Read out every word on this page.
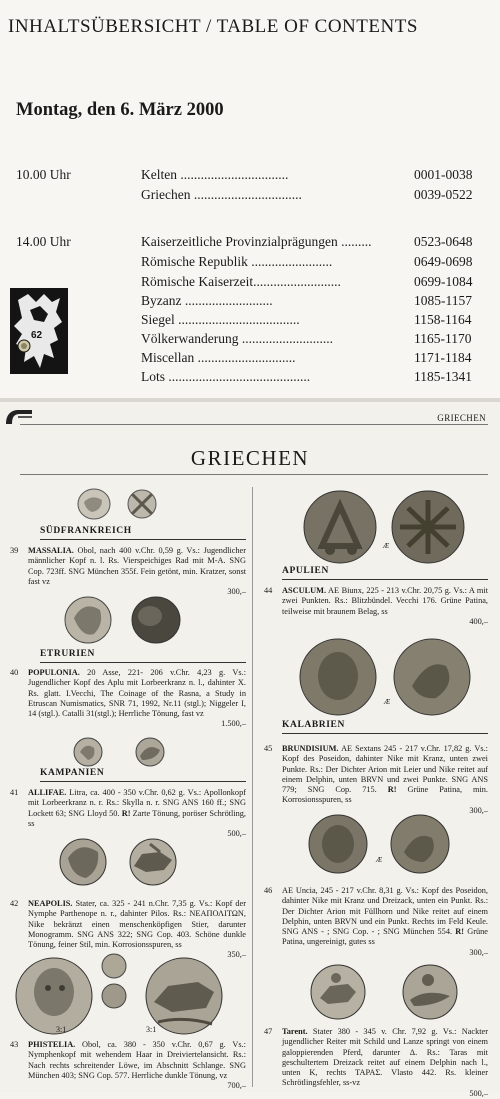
INHALTSÜBERSICHT / TABLE OF CONTENTS
Montag, den 6. März 2000
10.00 Uhr	Kelten ................................	0001-0038
Griechen ................................	0039-0522
14.00 Uhr	Kaiserzeitliche Provinzialprägungen .........	0523-0648
Römische Republik ........................	0649-0698
Römische Kaiserzeit..........................	0699-1084
Byzanz ..........................	1085-1157
Siegel ....................................	1158-1164
Völkerwanderung ...........................	1165-1170
Miscellan .............................	1171-1184
Lots ..........................................	1185-1341
62
GRIECHEN
GRIECHEN
SÜDFRANKREICH
39 MASSALIA. Obol, nach 400 v.Chr. 0,59 g. Vs.: Jugendlicher männlicher Kopf n. l. Rs. Vierspeichiges Rad mit M-A. SNG Cop. 723ff. SNG München 355f. Fein getönt, min. Kratzer, sonst fast vz
300,–
ETRURIEN
40 POPULONIA. 20 Asse, 221- 206 v.Chr. 4,23 g. Vs.: Jugendlicher Kopf des Aplu mit Lorbeerkranz n. l., dahinter X. Rs. glatt. I.Vecchi, The Coinage of the Rasna, a Study in Etruscan Numismatics, SNR 71, 1992, Nr.11 (stgl.); Niggeler I, 14 (stgl.). Catalli 31(stgl.); Herrliche Tönung, fast vz
1.500,–
KAMPANIEN
41 ALLIFAE. Litra, ca. 400 - 350 v.Chr. 0,62 g. Vs.: Apollonkopf mit Lorbeerkranz n. r. Rs.: Skylla n. r. SNG ANS 160 ff.; SNG Lockett 63; SNG Lloyd 50. R! Zarte Tönung, poröser Schrötling, ss
500,–
42 NEAPOLIS. Stater, ca. 325 - 241 n.Chr. 7,35 g. Vs.: Kopf der Nymphe Parthenope n. r., dahinter Pilos. Rs.: ΝΕΑΠΟΛΙΤΩΝ, Nike bekränzt einen menschenköpfigen Stier, darunter Monogramm. SNG ANS 322; SNG Cop. 403. Schöne dunkle Tönung, feiner Stil, min. Korrosionsspuren, ss
350,–
3:1	3:1
43 PHISTELIA. Obol, ca. 380 - 350 v.Chr. 0,67 g. Vs.: Nymphenkopf mit wehendem Haar in Dreiviertelansicht. Rs.: Nach rechts schreitender Löwe, im Abschnitt Schlange. SNG München 403; SNG Cop. 577. Herrliche dunkle Tönung, vz
700,–
Æ
APULIEN
44 ASCULUM. AE Biunx, 225 - 213 v.Chr. 20,75 g. Vs.: A mit zwei Punkten. Rs.: Blitzbündel. Vecchi 176. Grüne Patina, teilweise mit braunem Belag, ss
400,–
Æ
KALABRIEN
45 BRUNDISIUM. AE Sextans 245 - 217 v.Chr. 17,82 g. Vs.: Kopf des Poseidon, dahinter Nike mit Kranz, unten zwei Punkte. Rs.: Der Dichter Arion mit Leier und Nike reitet auf einem Delphin, unten BRVN und zwei Punkte. SNG ANS 779; SNG Cop. 715. R! Grüne Patina, min. Korrosionsspuren, ss
300,–
Æ
46 AE Uncia, 245 - 217 v.Chr. 8,31 g. Vs.: Kopf des Poseidon, dahinter Nike mit Kranz und Dreizack, unten ein Punkt. Rs.: Der Dichter Arion mit Füllhorn und Nike reitet auf einem Delphin, unten BRVN und ein Punkt. Rechts im Feld Keule. SNG ANS - ; SNG Cop. - ; SNG München 554. R! Grüne Patina, ungereinigt, gutes ss
300,–
47 Tarent. Stater 380 - 345 v. Chr. 7,92 g. Vs.: Nackter jugendlicher Reiter mit Schild und Lanze springt von einem galoppierenden Pferd, darunter Δ. Rs.: Taras mit geschultertem Dreizack reitet auf einem Delphin nach l., unten K, rechts ΤΑΡΑΣ. Vlasto 442. Rs. kleiner Schrötlingsfehler, ss-vz
500,–
